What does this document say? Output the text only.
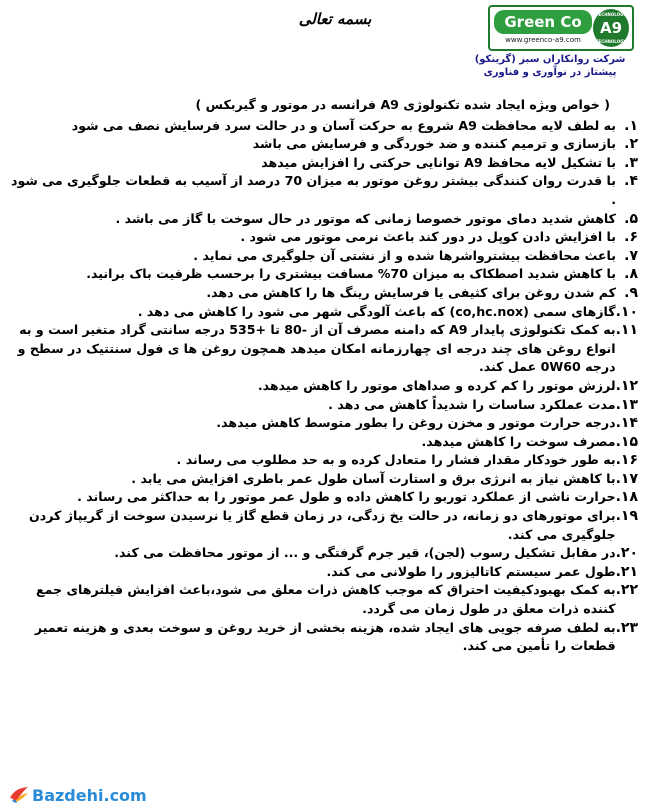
بسمه تعالی	Green Co
www.greenco-a9.com
TECHNOLOGY
A9
TECHNOLOGY
شرکت روانکاران سبز (گرینکو)
پیشتاز در نوآوری و فناوری
( خواص ویژه ایجاد شده تکنولوژی A9 فرانسه در موتور و گیربکس )
۱.
به لطف لایه محافظت A9 شروع به حرکت آسان و در حالت سرد فرسایش نصف می شود
۲.
بازسازی و ترمیم کننده و ضد خوردگی و فرسایش می باشد
۳.
با تشکیل لایه محافظ A9 توانایی حرکتی را افزایش میدهد
۴.
با قدرت روان کنندگی بیشتر روغن موتور به میزان 70 درصد از آسیب به قطعات جلوگیری می شود .
۵.
کاهش شدید دمای موتور خصوصا زمانی که موتور در حال سوخت با گاز می باشد .
۶.
با افزایش دادن کوپل در دور کند باعث نرمی موتور می شود .
۷.
باعث محافظت بیشترواشرها شده و از نشتی آن جلوگیری می نماید .
۸.
با کاهش شدید اصطکاک به میزان 70% مسافت بیشتری را برحسب ظرفیت باک برانید.
۹.
کم شدن روغن برای کثیفی یا فرسایش رینگ ها را کاهش می دهد.
۱۰.
گازهای سمی (co,hc.nox) که باعث آلودگی شهر می شود را کاهش می دهد .
۱۱.
به کمک تکنولوژی پایدار A9 که دامنه مصرف آن از -80 تا +535 درجه سانتی گراد متغیر است و به انواع روغن های چند درجه ای چهارزمانه امکان میدهد همچون روغن ها ی فول سنتتیک در سطح و درجه 0W60 عمل کند.
۱۲.
لرزش موتور را کم کرده و صداهای موتور را کاهش میدهد.
۱۳.
مدت عملکرد ساسات را شدیداً کاهش می دهد .
۱۴.
درجه حرارت موتور و مخزن روغن را بطور متوسط کاهش میدهد.
۱۵.
مصرف سوخت را کاهش میدهد.
۱۶.
به طور خودکار مقدار فشار را متعادل کرده و به حد مطلوب می رساند .
۱۷.
با کاهش نیاز به انرژی برق و استارت آسان طول عمر باطری افزایش می یابد .
۱۸.
حرارت ناشی از عملکرد توربو را کاهش داده و طول عمر موتور را به حداکثر می رساند .
۱۹.
برای موتورهای دو زمانه، در حالت یخ زدگی، در زمان قطع گاز یا نرسیدن سوخت از گریپاژ کردن جلوگیری می کند.
۲۰.
در مقابل تشکیل رسوب (لجن)، قیر جرم گرفتگی و ... از موتور محافظت می کند.
۲۱.
طول عمر سیستم کاتالیزور را طولانی می کند.
۲۲.
به کمک بهبودکیفیت احتراق که موجب کاهش ذرات معلق می شود،باعث افزایش فیلترهای جمع کننده ذرات معلق در طول زمان می گردد.
۲۳.
به لطف صرفه جویی های ایجاد شده، هزینه بخشی از خرید روغن و سوخت بعدی و هزینه تعمیر قطعات را تأمین می کند.
Bazdehi.com
